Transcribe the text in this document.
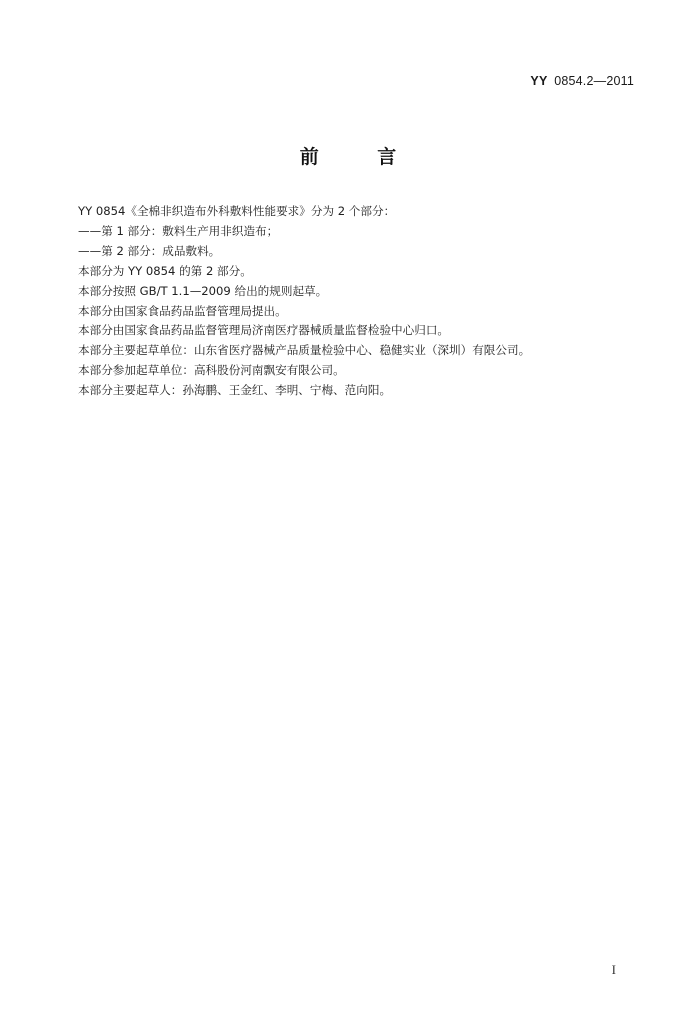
YY 0854.2—2011
前 言
YY 0854《全棉非织造布外科敷料性能要求》分为 2 个部分：
——第 1 部分：敷料生产用非织造布；
——第 2 部分：成品敷料。
本部分为 YY 0854 的第 2 部分。
本部分按照 GB/T 1.1—2009 给出的规则起草。
本部分由国家食品药品监督管理局提出。
本部分由国家食品药品监督管理局济南医疗器械质量监督检验中心归口。
本部分主要起草单位：山东省医疗器械产品质量检验中心、稳健实业（深圳）有限公司。
本部分参加起草单位：高科股份河南飘安有限公司。
本部分主要起草人：孙海鹏、王金红、李明、宁梅、范向阳。
I
